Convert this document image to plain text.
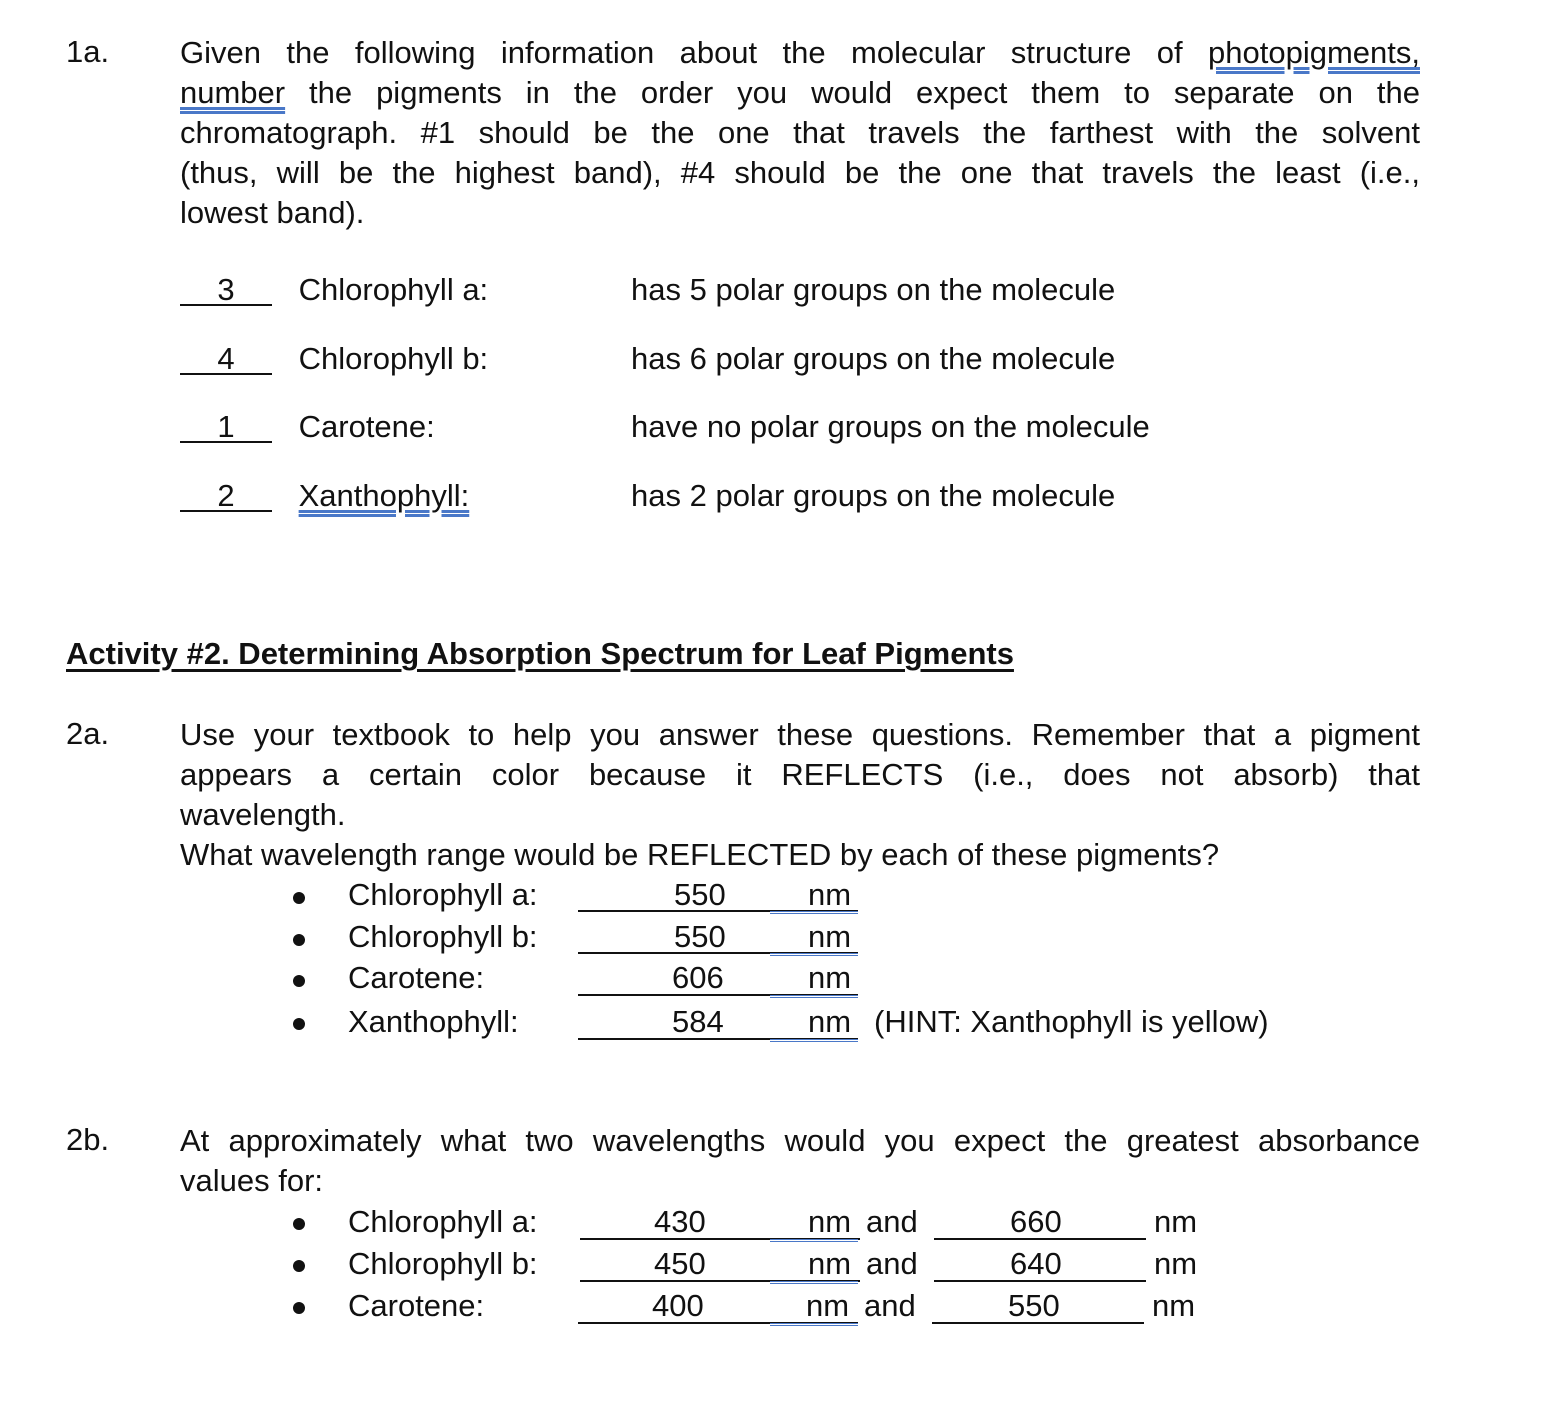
1a. Given the following information about the molecular structure of photopigments,
number the pigments in the order you would expect them to separate on the
chromatograph. #1 should be the one that travels the farthest with the solvent
(thus, will be the highest band), #4 should be the one that travels the least (i.e.,
lowest band).
3 Chlorophyll a:	has 5 polar groups on the molecule
4 Chlorophyll b:	has 6 polar groups on the molecule
1 Carotene:	have no polar groups on the molecule
2 Xanthophyll:	has 2 polar groups on the molecule
Activity #2. Determining Absorption Spectrum for Leaf Pigments
2a. Use your textbook to help you answer these questions. Remember that a pigment
appears a certain color because it REFLECTS (i.e., does not absorb) that
wavelength.
What wavelength range would be REFLECTED by each of these pigments?
Chlorophyll a:	550	nm
Chlorophyll b:	550	nm
Carotene:	606	nm
Xanthophyll:	584	nm (HINT: Xanthophyll is yellow)
2b. At approximately what two wavelengths would you expect the greatest absorbance
values for:
Chlorophyll a:	430	nm and	660	nm
Chlorophyll b:	450	nm and	640	nm
Carotene:	400	nm and	550	nm
